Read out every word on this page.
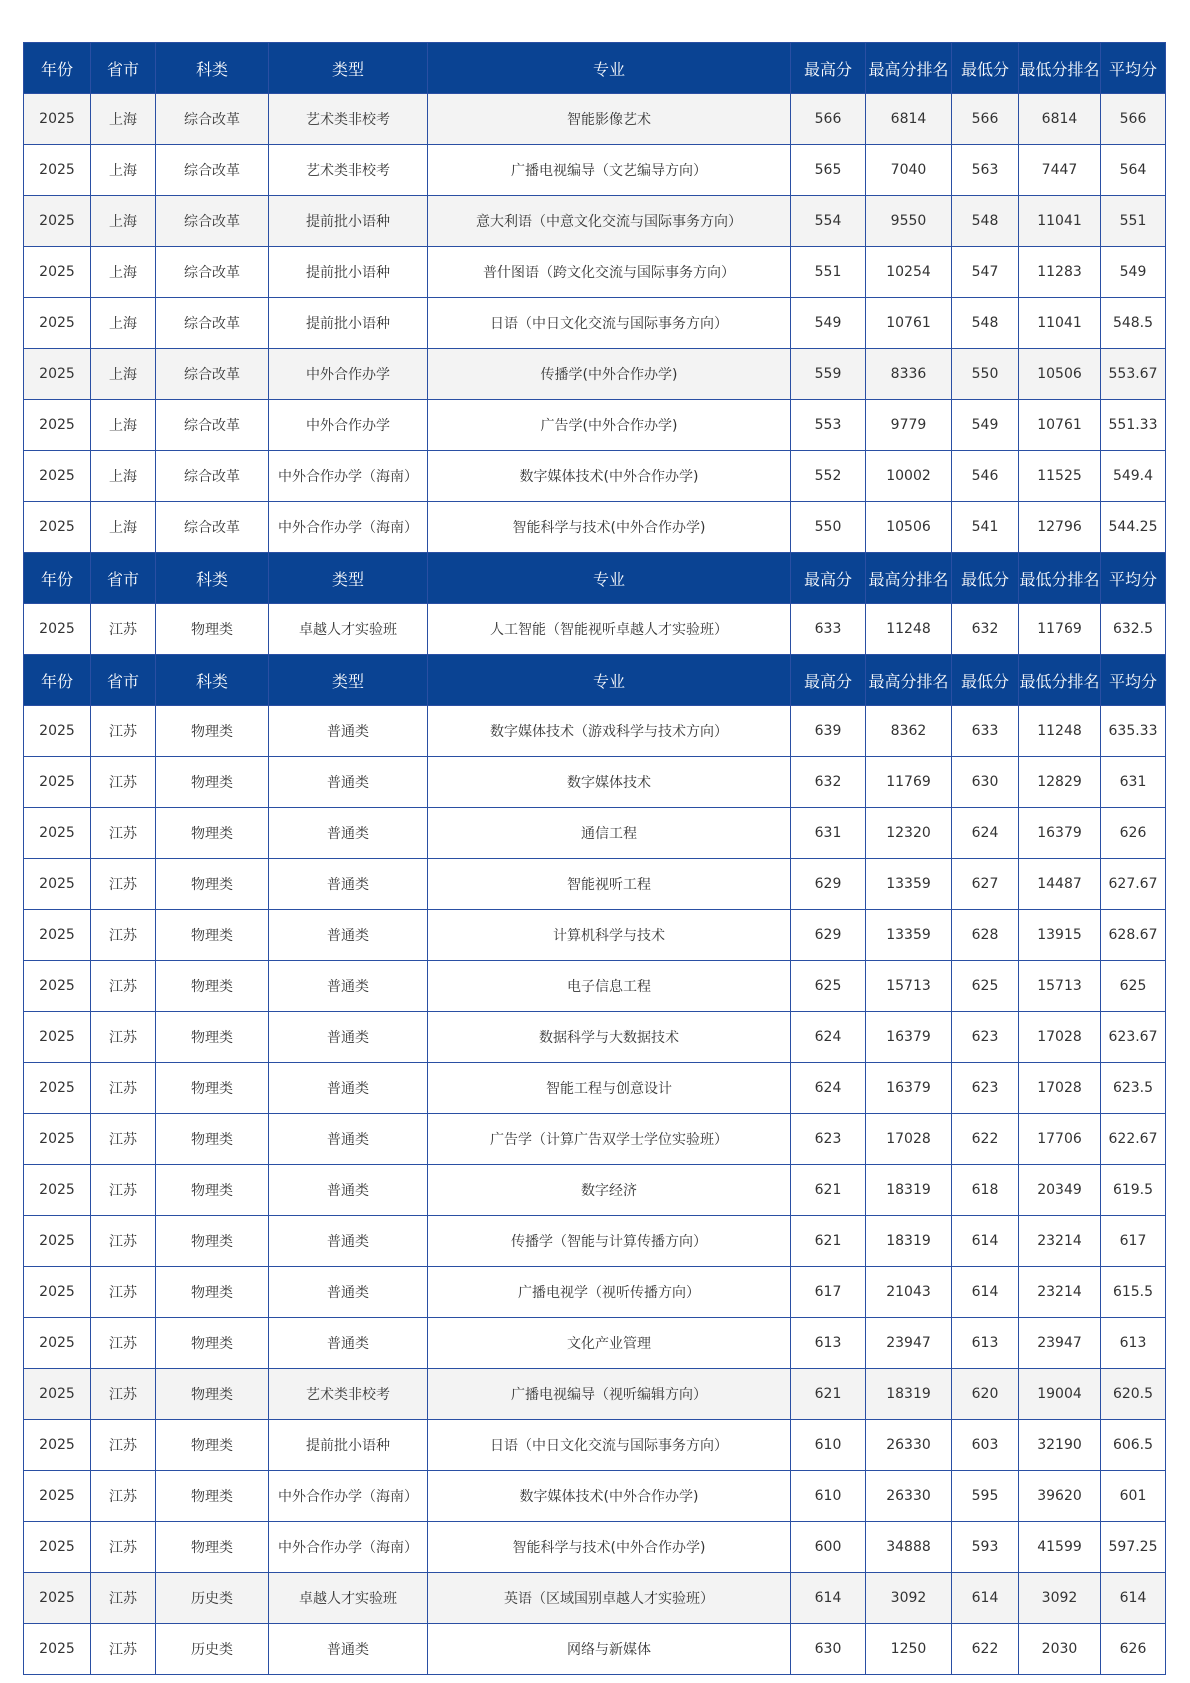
年份	省市	科类	类型	专业	最高分	最高分排名	最低分	最低分排名	平均分
2025	上海	综合改革	艺术类非校考	智能影像艺术	566	6814	566	6814	566
2025	上海	综合改革	艺术类非校考	广播电视编导（文艺编导方向）	565	7040	563	7447	564
2025	上海	综合改革	提前批小语种	意大利语（中意文化交流与国际事务方向）	554	9550	548	11041	551
2025	上海	综合改革	提前批小语种	普什图语（跨文化交流与国际事务方向）	551	10254	547	11283	549
2025	上海	综合改革	提前批小语种	日语（中日文化交流与国际事务方向）	549	10761	548	11041	548.5
2025	上海	综合改革	中外合作办学	传播学(中外合作办学)	559	8336	550	10506	553.67
2025	上海	综合改革	中外合作办学	广告学(中外合作办学)	553	9779	549	10761	551.33
2025	上海	综合改革	中外合作办学（海南）	数字媒体技术(中外合作办学)	552	10002	546	11525	549.4
2025	上海	综合改革	中外合作办学（海南）	智能科学与技术(中外合作办学)	550	10506	541	12796	544.25
年份	省市	科类	类型	专业	最高分	最高分排名	最低分	最低分排名	平均分
2025	江苏	物理类	卓越人才实验班	人工智能（智能视听卓越人才实验班）	633	11248	632	11769	632.5
年份	省市	科类	类型	专业	最高分	最高分排名	最低分	最低分排名	平均分
2025	江苏	物理类	普通类	数字媒体技术（游戏科学与技术方向）	639	8362	633	11248	635.33
2025	江苏	物理类	普通类	数字媒体技术	632	11769	630	12829	631
2025	江苏	物理类	普通类	通信工程	631	12320	624	16379	626
2025	江苏	物理类	普通类	智能视听工程	629	13359	627	14487	627.67
2025	江苏	物理类	普通类	计算机科学与技术	629	13359	628	13915	628.67
2025	江苏	物理类	普通类	电子信息工程	625	15713	625	15713	625
2025	江苏	物理类	普通类	数据科学与大数据技术	624	16379	623	17028	623.67
2025	江苏	物理类	普通类	智能工程与创意设计	624	16379	623	17028	623.5
2025	江苏	物理类	普通类	广告学（计算广告双学士学位实验班）	623	17028	622	17706	622.67
2025	江苏	物理类	普通类	数字经济	621	18319	618	20349	619.5
2025	江苏	物理类	普通类	传播学（智能与计算传播方向）	621	18319	614	23214	617
2025	江苏	物理类	普通类	广播电视学（视听传播方向）	617	21043	614	23214	615.5
2025	江苏	物理类	普通类	文化产业管理	613	23947	613	23947	613
2025	江苏	物理类	艺术类非校考	广播电视编导（视听编辑方向）	621	18319	620	19004	620.5
2025	江苏	物理类	提前批小语种	日语（中日文化交流与国际事务方向）	610	26330	603	32190	606.5
2025	江苏	物理类	中外合作办学（海南）	数字媒体技术(中外合作办学)	610	26330	595	39620	601
2025	江苏	物理类	中外合作办学（海南）	智能科学与技术(中外合作办学)	600	34888	593	41599	597.25
2025	江苏	历史类	卓越人才实验班	英语（区域国别卓越人才实验班）	614	3092	614	3092	614
2025	江苏	历史类	普通类	网络与新媒体	630	1250	622	2030	626
